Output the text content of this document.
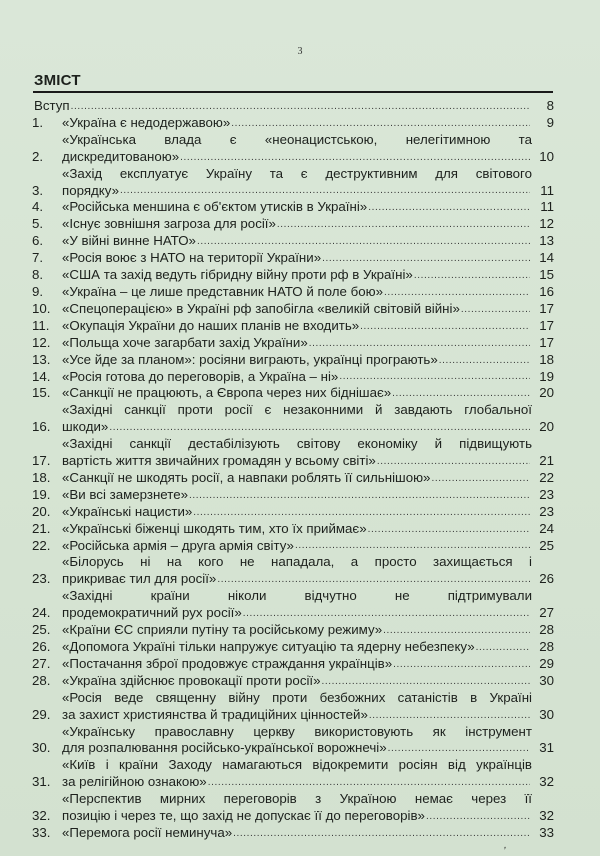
3
ЗМІСТ
Вступ .....	8
1.	«Україна є недодержавою» .....	9
2.
«Українська влада є «неонацистською, нелегітимною та
дискредитованою» .....	10
3.
«Захід експлуатує Україну та є деструктивним для світового
порядку» .....	11
4.	«Російська меншина є об'єктом утисків в Україні» .....	11
5.	«Існує зовнішня загроза для росії» .....	12
6.	«У війні винне НАТО» .....	13
7.	«Росія воює з НАТО на території України» .....	14
8.	«США та захід ведуть гібридну війну проти рф в Україні» .....	15
9.	«Україна – це лише представник НАТО й поле бою» .....	16
10. «Спецоперацією» в Україні рф запобігла «великій світовій війні» .....	17
11. «Окупація України до наших планів не входить» .....	17
12. «Польща хоче загарбати захід України» .....	17
13. «Усе йде за планом»: росіяни виграють, українці програють» .....	18
14. «Росія готова до переговорів, а Україна – ні» .....	19
15. «Санкції не працюють, а Європа через них біднішає» .....	20
16.
«Західні санкції проти росії є незаконними й завдають глобальної
шкоди» .....	20
17.
«Західні санкції дестабілізують світову економіку й підвищують
вартість життя звичайних громадян у всьому світі» .....	21
18. «Санкції не шкодять росії, а навпаки роблять її сильнішою» .....	22
19. «Ви всі замерзнете» .....	23
20. «Українські нацисти» .....	23
21. «Українські біженці шкодять тим, хто їх приймає» .....	24
22. «Російська армія – друга армія світу» .....	25
23.
«Білорусь ні на кого не нападала, а просто захищається і
прикриває тил для росії» .....	26
24.
«Західні країни ніколи відчутно не підтримували
продемократичний рух росії» .....	27
25. «Країни ЄС сприяли путіну та російському режиму» .....	28
26. «Допомога Україні тільки напружує ситуацію та ядерну небезпеку» .....	28
27. «Постачання зброї продовжує страждання українців» .....	29
28. «Україна здійснює провокації проти росії» .....	30
29.
«Росія веде священну війну проти безбожних сатаністів в Україні
за захист християнства й традиційних цінностей» .....	30
30.
«Українську православну церкву використовують як інструмент
для розпалювання російсько-української ворожнечі» .....	31
31.
«Київ і країни Заходу намагаються відокремити росіян від українців
за релігійною ознакою» .....	32
32.
«Перспектив мирних переговорів з Україною немає через її
позицію і через те, що захід не допускає її до переговорів» .....	32
33. «Перемога росії неминуча» .....	33
,
